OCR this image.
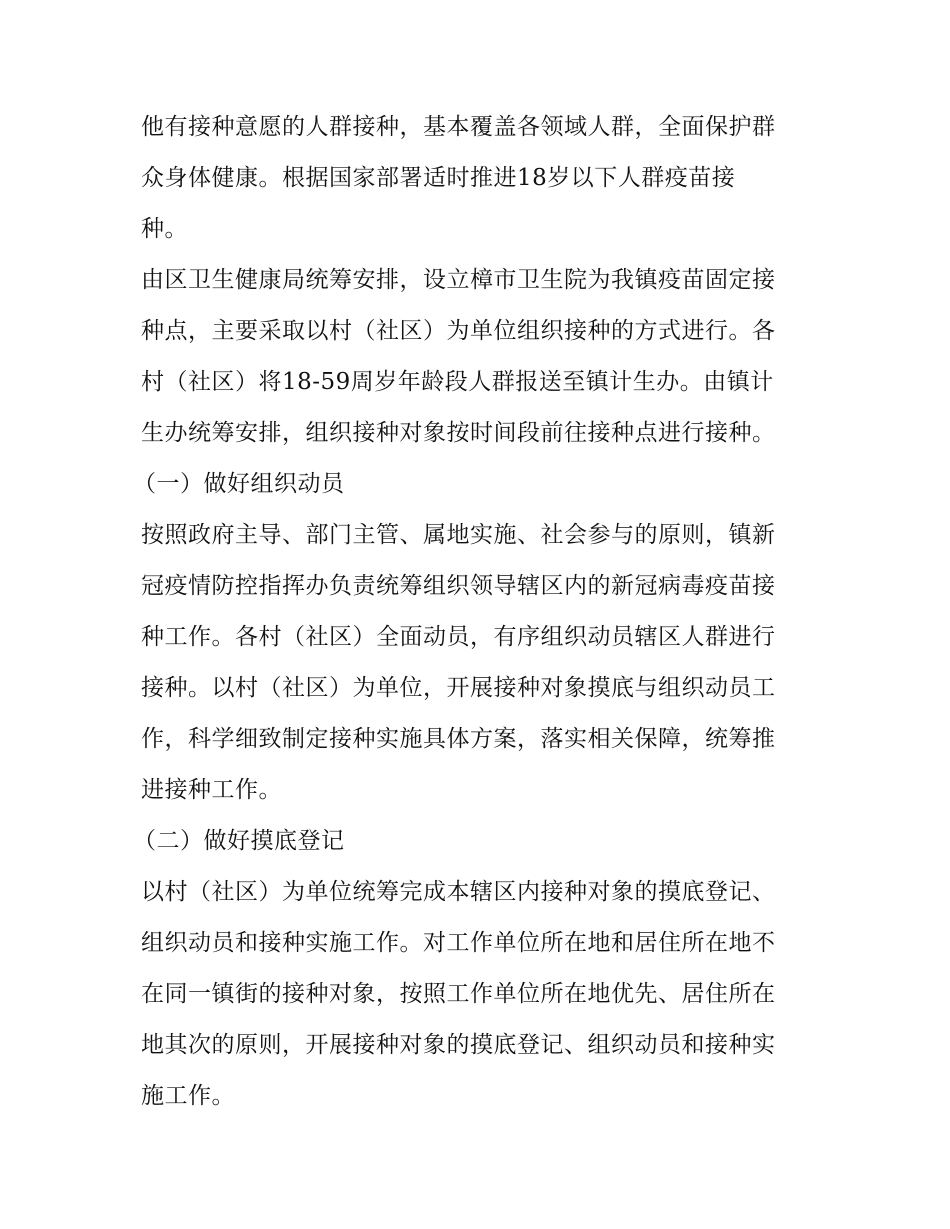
他有接种意愿的人群接种，基本覆盖各领域人群，全面保护群
众身体健康。根据国家部署适时推进18岁以下人群疫苗接
种。
由区卫生健康局统筹安排，设立樟市卫生院为我镇疫苗固定接
种点，主要采取以村（社区）为单位组织接种的方式进行。各
村（社区）将18-59周岁年龄段人群报送至镇计生办。由镇计
生办统筹安排，组织接种对象按时间段前往接种点进行接种。
（一）做好组织动员
按照政府主导、部门主管、属地实施、社会参与的原则，镇新
冠疫情防控指挥办负责统筹组织领导辖区内的新冠病毒疫苗接
种工作。各村（社区）全面动员，有序组织动员辖区人群进行
接种。以村（社区）为单位，开展接种对象摸底与组织动员工
作，科学细致制定接种实施具体方案，落实相关保障，统筹推
进接种工作。
（二）做好摸底登记
以村（社区）为单位统筹完成本辖区内接种对象的摸底登记、
组织动员和接种实施工作。对工作单位所在地和居住所在地不
在同一镇街的接种对象，按照工作单位所在地优先、居住所在
地其次的原则，开展接种对象的摸底登记、组织动员和接种实
施工作。
